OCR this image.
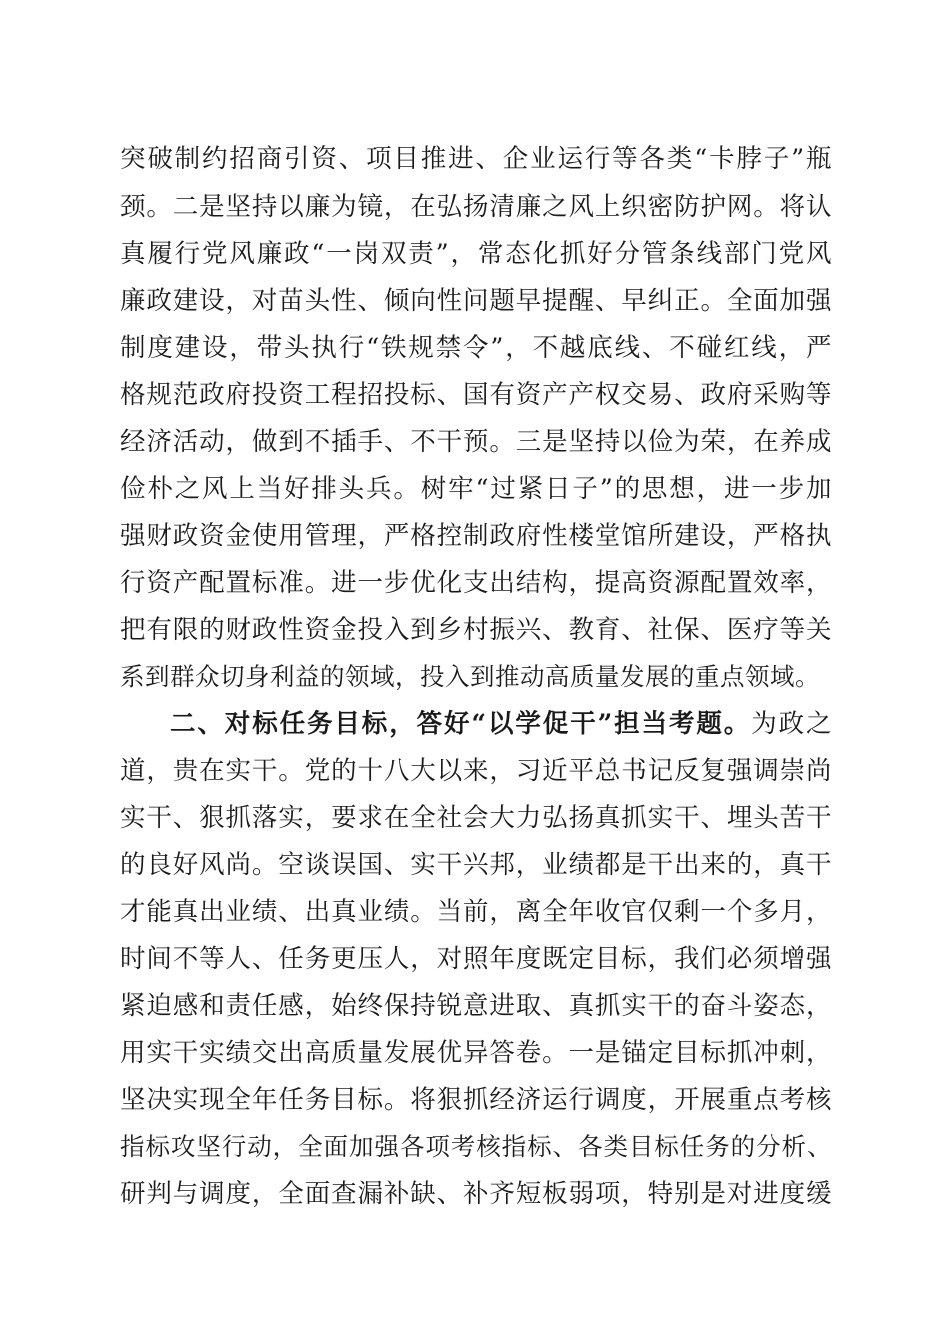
突破制约招商引资、项目推进、企业运行等各类“卡脖子”瓶
颈。二是坚持以廉为镜，在弘扬清廉之风上织密防护网。将认
真履行党风廉政“一岗双责”，常态化抓好分管条线部门党风
廉政建设，对苗头性、倾向性问题早提醒、早纠正。全面加强
制度建设，带头执行“铁规禁令”，不越底线、不碰红线，严
格规范政府投资工程招投标、国有资产产权交易、政府采购等
经济活动，做到不插手、不干预。三是坚持以俭为荣，在养成
俭朴之风上当好排头兵。树牢“过紧日子”的思想，进一步加
强财政资金使用管理，严格控制政府性楼堂馆所建设，严格执
行资产配置标准。进一步优化支出结构，提高资源配置效率，
把有限的财政性资金投入到乡村振兴、教育、社保、医疗等关
系到群众切身利益的领域，投入到推动高质量发展的重点领域。
二、对标任务目标，答好“以学促干”担当考题。为政之
道，贵在实干。党的十八大以来，习近平总书记反复强调崇尚
实干、狠抓落实，要求在全社会大力弘扬真抓实干、埋头苦干
的良好风尚。空谈误国、实干兴邦，业绩都是干出来的，真干
才能真出业绩、出真业绩。当前，离全年收官仅剩一个多月，
时间不等人、任务更压人，对照年度既定目标，我们必须增强
紧迫感和责任感，始终保持锐意进取、真抓实干的奋斗姿态，
用实干实绩交出高质量发展优异答卷。一是锚定目标抓冲刺，
坚决实现全年任务目标。将狠抓经济运行调度，开展重点考核
指标攻坚行动，全面加强各项考核指标、各类目标任务的分析、
研判与调度，全面查漏补缺、补齐短板弱项，特别是对进度缓
